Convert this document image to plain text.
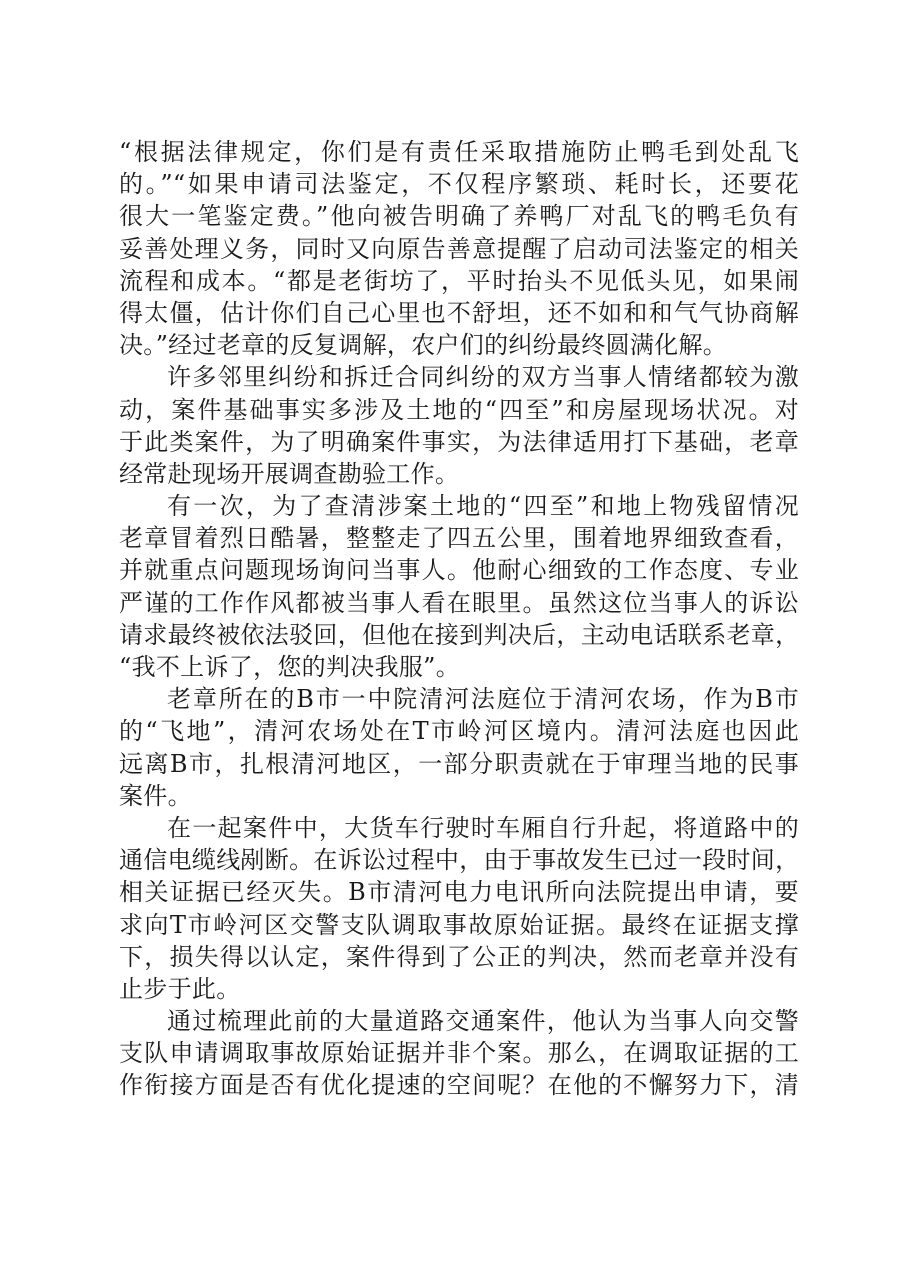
“根据法律规定，你们是有责任采取措施防止鸭毛到处乱飞
的。”“如果申请司法鉴定，不仅程序繁琐、耗时长，还要花
很大一笔鉴定费。”他向被告明确了养鸭厂对乱飞的鸭毛负有
妥善处理义务，同时又向原告善意提醒了启动司法鉴定的相关
流程和成本。“都是老街坊了，平时抬头不见低头见，如果闹
得太僵，估计你们自己心里也不舒坦，还不如和和气气协商解
决。”经过老章的反复调解，农户们的纠纷最终圆满化解。
许多邻里纠纷和拆迁合同纠纷的双方当事人情绪都较为激
动，案件基础事实多涉及土地的“四至”和房屋现场状况。对
于此类案件，为了明确案件事实，为法律适用打下基础，老章
经常赴现场开展调查勘验工作。
有一次，为了查清涉案土地的“四至”和地上物残留情况
老章冒着烈日酷暑，整整走了四五公里，围着地界细致查看，
并就重点问题现场询问当事人。他耐心细致的工作态度、专业
严谨的工作作风都被当事人看在眼里。虽然这位当事人的诉讼
请求最终被依法驳回，但他在接到判决后，主动电话联系老章，
“我不上诉了，您的判决我服”。
老章所在的B市一中院清河法庭位于清河农场，作为B市
的“飞地”，清河农场处在T市岭河区境内。清河法庭也因此
远离B市，扎根清河地区，一部分职责就在于审理当地的民事
案件。
在一起案件中，大货车行驶时车厢自行升起，将道路中的
通信电缆线剐断。在诉讼过程中，由于事故发生已过一段时间，
相关证据已经灭失。B市清河电力电讯所向法院提出申请，要
求向T市岭河区交警支队调取事故原始证据。最终在证据支撑
下，损失得以认定，案件得到了公正的判决，然而老章并没有
止步于此。
通过梳理此前的大量道路交通案件，他认为当事人向交警
支队申请调取事故原始证据并非个案。那么，在调取证据的工
作衔接方面是否有优化提速的空间呢？在他的不懈努力下，清
